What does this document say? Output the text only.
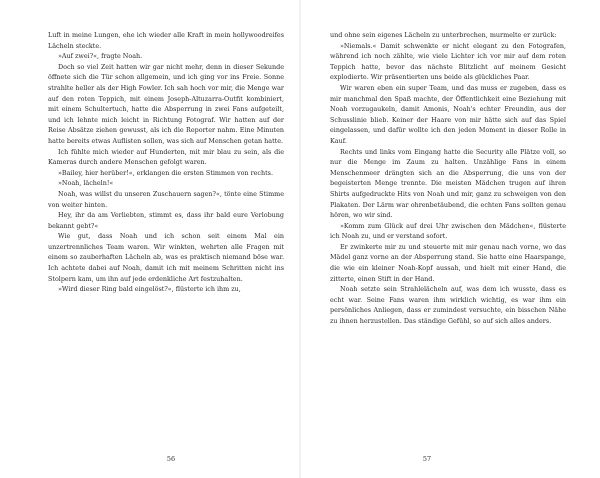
Luft in meine Lungen, ehe ich wieder alle Kraft in mein hollywoodreifes Lächeln steckte.

»Auf zwei?«, fragte Noah.

Doch so viel Zeit hatten wir gar nicht mehr, denn in dieser Sekunde öffnete sich die Tür schon allgemein, und ich ging vor ins Freie. Sonne strahlte heller als der High Fowler. Ich sah hoch vor mir, die Menge war auf den roten Teppich, mit einem Joseph-Altuzarra-Outfit kombiniert, mit einem Schultertuch, hatte die Absperrung in zwei Fans aufgeteilt, und ich lehnte mich leicht in Richtung Fotograf. Wir hatten auf der Reise Absätze ziehen gewusst, als ich die Reporter nahm. Eine Minuten hatte bereits etwas Auflisten sollen, was sich auf Menschen getan hatte.

Ich fühlte mich wieder auf Hunderten, mit mir blau zu sein, als die Kameras durch andere Menschen gefolgt waren.

»Bailey, hier herüber!«, erklangen die ersten Stimmen von rechts.

»Noah, lächeln!«

Noah, was willst du unseren Zuschauern sagen?«, tönte eine Stimme von weiter hinten.

Hey, ihr da am Verliebten, stimmt es, dass ihr bald eure Verlobung bekannt gebt?«

Wie gut, dass Noah und ich schon seit einem Mal ein unzertrennliches Team waren. Wir winkten, wehrten alle Fragen mit einem so zauberhaften Lächeln ab, was es praktisch niemand böse war. Ich achtete dabei auf Noah, damit ich mit meinem Schritten nicht ins Stolpern kam, um ihn auf jede erdenkliche Art festzuhalten.

»Wird dieser Ring bald eingelöst?«, flüsterte ich ihm zu,

und ohne sein eigenes Lächeln zu unterbrechen, murmelte er zurück:

»Niemals.« Damit schwenkte er nicht elegant zu den Fotografen, während ich noch zählte, wie viele Lichter ich vor mir auf dem roten Teppich hatte, bevor das nächste Blitzlicht auf meinem Gesicht explodierte. Wir präsentierten uns beide als glückliches Paar.

Wir waren eben ein super Team, und das muss er zugeben, dass es mir manchmal den Spaß machte, der Öffentlichkeit eine Beziehung mit Noah vorzugaukeln, damit Amonis, Noah's echter Freundin, aus der Schusslinie blieb. Keiner der Haare von mir hätte sich auf das Spiel eingelassen, und dafür wollte ich den jeden Moment in dieser Rolle in Kauf.

Rechts und links vom Eingang hatte die Security alle Plätze voll, so nur die Menge im Zaum zu halten. Unzählige Fans in einem Menschenmeer drängten sich an die Absperrung, die uns von der begeisterten Menge trennte. Die meisten Mädchen trugen auf ihren Shirts aufgedruckte Hits von Noah und mir, ganz zu schweigen von den Plakaten. Der Lärm war ohrenbetäubend, die echten Fans sollten genau hören, wo wir sind.

»Komm zum Glück auf drei Uhr zwischen den Mädchen«, flüsterte ich Noah zu, und er verstand sofort.

Er zwinkerte mir zu und steuerte mit mir genau nach vorne, wo das Mädel ganz vorne an der Absperrung stand. Sie hatte eine Haarspange, die wie ein kleiner Noah-Kopf aussah, und hielt mit einer Hand, die zitterte, einen Stift in der Hand.

Noah setzte sein Strahlelächeln auf, was dem ich wusste, dass es echt war. Seine Fans waren ihm wirklich wichtig, es war ihm ein persönliches Anliegen, dass er zumindest versuchte, ein bisschen Nähe zu ihnen herzustellen. Das ständige Gefühl, so auf sich alles anders.

56	57
